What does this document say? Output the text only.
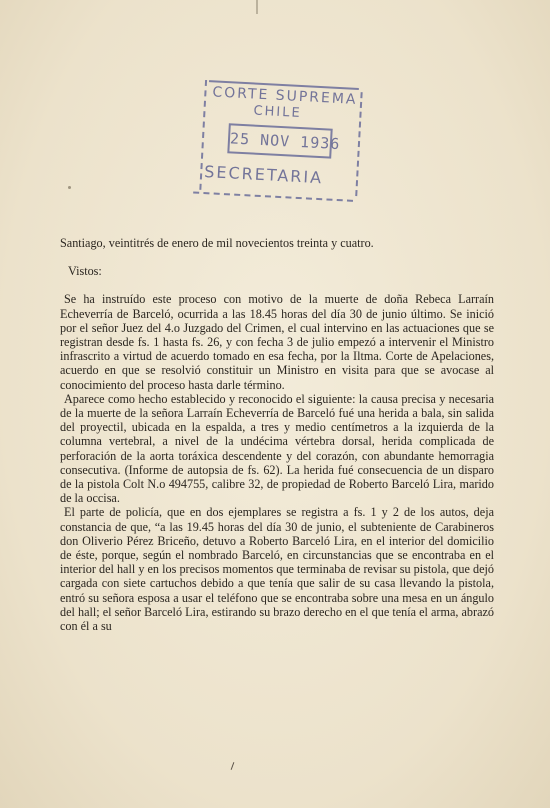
CORTE SUPREMA
CHILE
25 NOV 1936
SECRETARIA

Santiago, veintitrés de enero de mil novecientos treinta y cuatro.

Vistos:

Se ha instruído este proceso con motivo de la muerte de doña Rebeca Larraín Echeverría de Barceló, ocurrida a las 18.45 horas del día 30 de junio último. Se inició por el señor Juez del 4.o Juzgado del Crimen, el cual intervino en las actuaciones que se registran desde fs. 1 hasta fs. 26, y con fecha 3 de julio empezó a intervenir el Ministro infrascrito a virtud de acuerdo tomado en esa fecha, por la Iltma. Corte de Apelaciones, acuerdo en que se resolvió constituir un Ministro en visita para que se avocase al conocimiento del proceso hasta darle término.

Aparece como hecho establecido y reconocido el siguiente: la causa precisa y necesaria de la muerte de la señora Larraín Echeverría de Barceló fué una herida a bala, sin salida del proyectil, ubicada en la espalda, a tres y medio centímetros a la izquierda de la columna vertebral, a nivel de la undécima vértebra dorsal, herida complicada de perforación de la aorta toráxica descendente y del corazón, con abundante hemorragia consecutiva. (Informe de autopsia de fs. 62). La herida fué consecuencia de un disparo de la pistola Colt N.o 494755, calibre 32, de propiedad de Roberto Barceló Lira, marido de la occisa.

El parte de policía, que en dos ejemplares se registra a fs. 1 y 2 de los autos, deja constancia de que, “a las 19.45 horas del día 30 de junio, el subteniente de Carabineros don Oliverio Pérez Briceño, detuvo a Roberto Barceló Lira, en el interior del domicilio de éste, porque, según el nombrado Barceló, en circunstancias que se encontraba en el interior del hall y en los precisos momentos que terminaba de revisar su pistola, que dejó cargada con siete cartuchos debido a que tenía que salir de su casa llevando la pistola, entró su señora esposa a usar el teléfono que se encontraba sobre una mesa en un ángulo del hall; el señor Barceló Lira, estirando su brazo derecho en el que tenía el arma, abrazó con él a su
